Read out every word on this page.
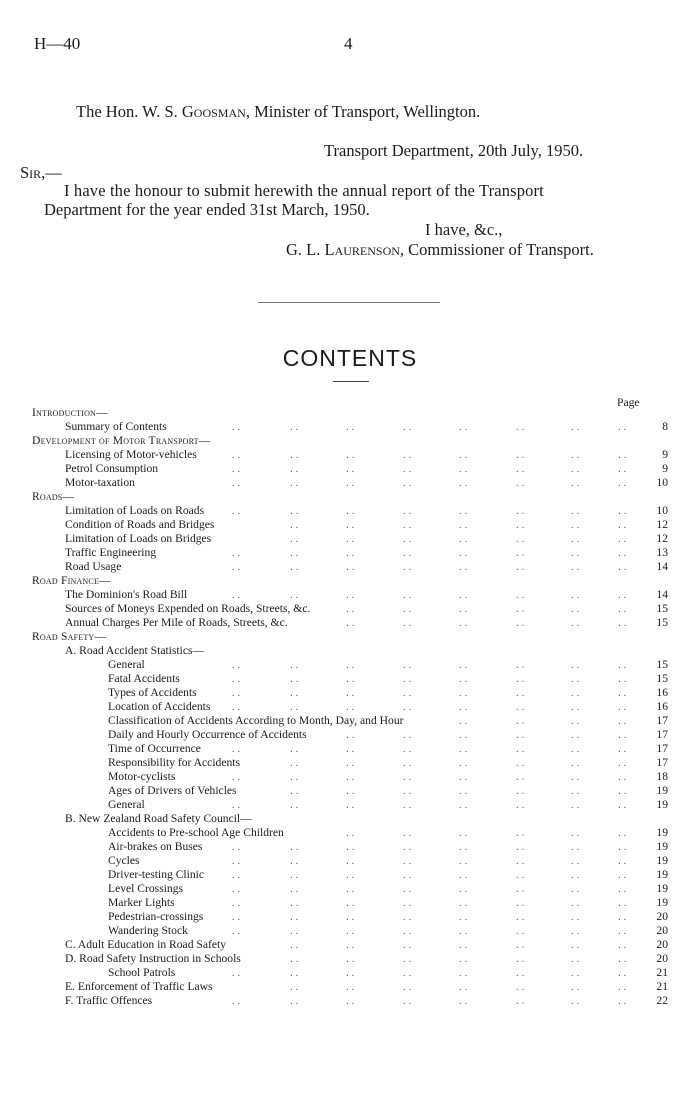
H—40	4
The Hon. W. S. Goosman, Minister of Transport, Wellington.
Transport Department, 20th July, 1950.
Sir,—
I have the honour to submit herewith the annual report of the Transport
Department for the year ended 31st March, 1950.
I have, &c.,
G. L. Laurenson, Commissioner of Transport.
CONTENTS
Page
Introduction—
Summary of Contents	. .	. .	. .	. .	. .	. .	. .	. .	8
Development of Motor Transport—
Licensing of Motor-vehicles	. .	. .	. .	. .	. .	. .	. .	. .	9
Petrol Consumption	. .	. .	. .	. .	. .	. .	. .	. .	9
Motor-taxation	. .	. .	. .	. .	. .	. .	. .	. .	10
Roads—
Limitation of Loads on Roads	. .	. .	. .	. .	. .	. .	. .	. .	10
Condition of Roads and Bridges	. .	. .	. .	. .	. .	. .	. .	12
Limitation of Loads on Bridges	. .	. .	. .	. .	. .	. .	. .	12
Traffic Engineering	. .	. .	. .	. .	. .	. .	. .	. .	13
Road Usage	. .	. .	. .	. .	. .	. .	. .	. .	14
Road Finance—
The Dominion's Road Bill	. .	. .	. .	. .	. .	. .	. .	. .	14
Sources of Moneys Expended on Roads, Streets, &c.	. .	. .	. .	. .	. .	. .	15
Annual Charges Per Mile of Roads, Streets, &c.	. .	. .	. .	. .	. .	. .	15
Road Safety—
A. Road Accident Statistics—
General	. .	. .	. .	. .	. .	. .	. .	. .	15
Fatal Accidents	. .	. .	. .	. .	. .	. .	. .	. .	15
Types of Accidents	. .	. .	. .	. .	. .	. .	. .	. .	16
Location of Accidents . .	. .	. .	. .	. .	. .	. .	. .	16
Classification of Accidents According to Month, Day, and Hour	. .	. .	. .	. .	17
Daily and Hourly Occurrence of Accidents	. .	. .	. .	. .	. .	. .	17
Time of Occurrence	. .	. .	. .	. .	. .	. .	. .	. .	17
Responsibility for Accidents	. .	. .	. .	. .	. .	. .	. .	17
Motor-cyclists	. .	. .	. .	. .	. .	. .	. .	. .	18
Ages of Drivers of Vehicles	. .	. .	. .	. .	. .	. .	. .	19
General	. .	. .	. .	. .	. .	. .	. .	. .	19
B. New Zealand Road Safety Council—
Accidents to Pre-school Age Children	. .	. .	. .	. .	. .	. .	19
Air-brakes on Buses	. .	. .	. .	. .	. .	. .	. .	. .	19
Cycles	. .	. .	. .	. .	. .	. .	. .	. .	19
Driver-testing Clinic	. .	. .	. .	. .	. .	. .	. .	. .	19
Level Crossings	. .	. .	. .	. .	. .	. .	. .	. .	19
Marker Lights	. .	. .	. .	. .	. .	. .	. .	. .	19
Pedestrian-crossings	. .	. .	. .	. .	. .	. .	. .	. .	20
Wandering Stock	. .	. .	. .	. .	. .	. .	. .	. .	20
C. Adult Education in Road Safety	. .	. .	. .	. .	. .	. .	. .	20
D. Road Safety Instruction in Schools	. .	. .	. .	. .	. .	. .	. .	20
School Patrols	. .	. .	. .	. .	. .	. .	. .	. .	21
E. Enforcement of Traffic Laws	. .	. .	. .	. .	. .	. .	. .	21
F. Traffic Offences	. .	. .	. .	. .	. .	. .	. .	. .	22
